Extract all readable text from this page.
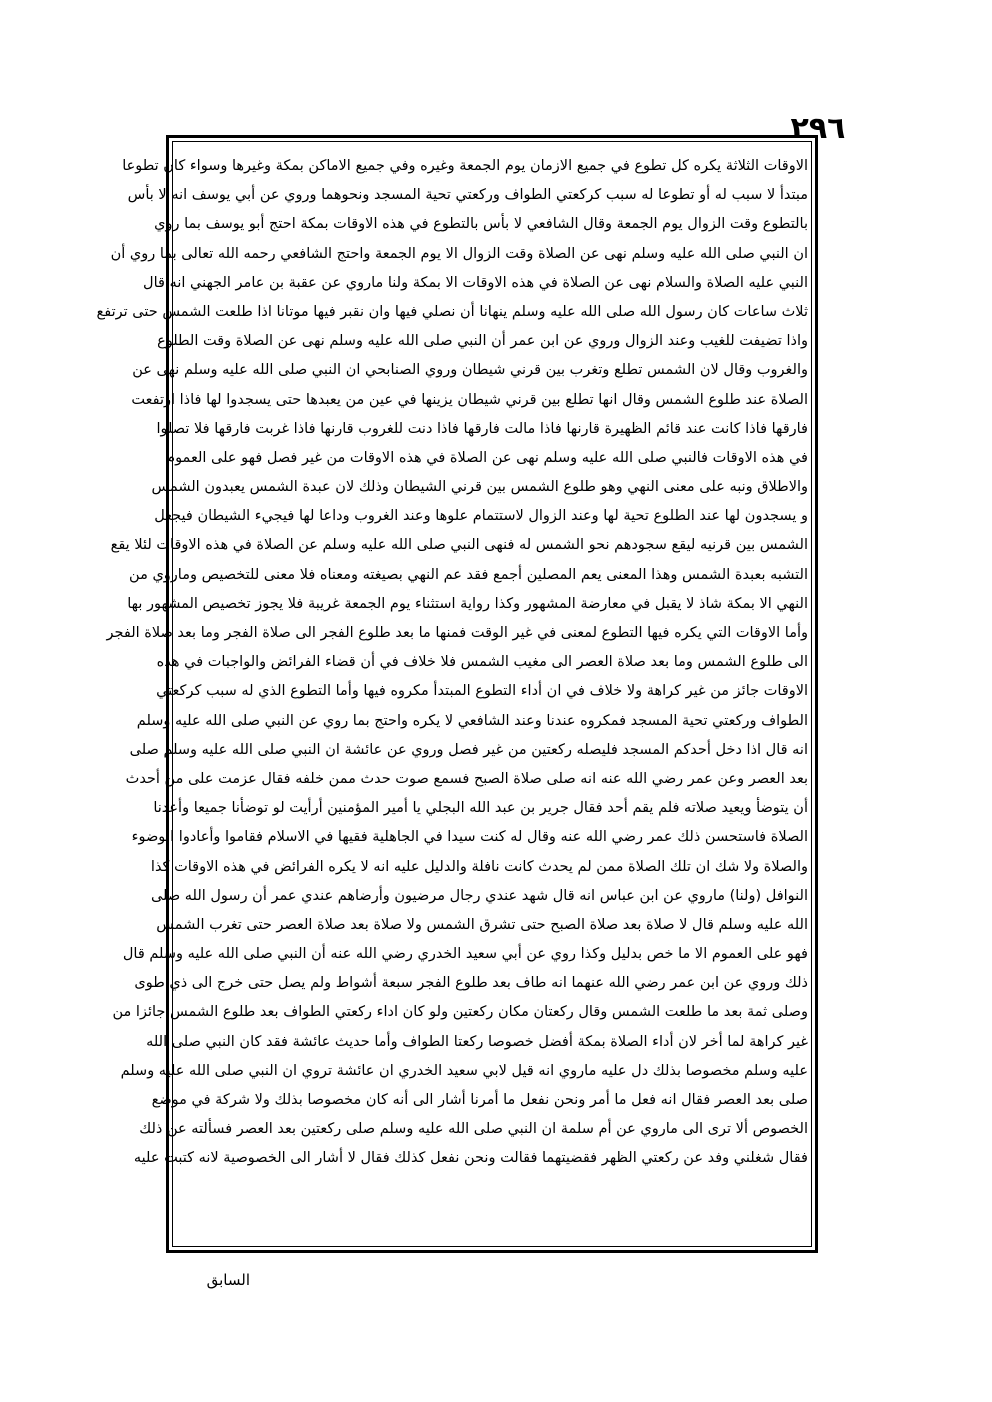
٢٩٦
الاوقات الثلاثة يكره كل تطوع في جميع الازمان يوم الجمعة وغيره وفي جميع الاماكن بمكة وغيرها وسواء كان تطوعا
مبتدأ لا سبب له أو تطوعا له سبب كركعتي الطواف وركعتي تحية المسجد ونحوهما وروي عن أبي يوسف انه لا بأس
بالتطوع وقت الزوال يوم الجمعة وقال الشافعي لا بأس بالتطوع في هذه الاوقات بمكة احتج أبو يوسف بما روي
ان النبي صلى الله عليه وسلم نهى عن الصلاة وقت الزوال الا يوم الجمعة واحتج الشافعي رحمه الله تعالى بما روي أن
النبي عليه الصلاة والسلام نهى عن الصلاة في هذه الاوقات الا بمكة ولنا ماروي عن عقبة بن عامر الجهني انه قال
ثلاث ساعات كان رسول الله صلى الله عليه وسلم ينهانا أن نصلي فيها وان نقبر فيها موتانا اذا طلعت الشمس حتى ترتفع
واذا تضيفت للغيب وعند الزوال وروي عن ابن عمر أن النبي صلى الله عليه وسلم نهى عن الصلاة وقت الطلوع
والغروب وقال لان الشمس تطلع وتغرب بين قرني شيطان وروي الصنابحي ان النبي صلى الله عليه وسلم نهى عن
الصلاة عند طلوع الشمس وقال انها تطلع بين قرني شيطان يزينها في عين من يعبدها حتى يسجدوا لها فاذا ارتفعت
فارقها فاذا كانت عند قائم الظهيرة قارنها فاذا مالت فارقها فاذا دنت للغروب قارنها فاذا غربت فارقها فلا تصلوا
في هذه الاوقات فالنبي صلى الله عليه وسلم نهى عن الصلاة في هذه الاوقات من غير فصل فهو على العموم
والاطلاق ونبه على معنى النهي وهو طلوع الشمس بين قرني الشيطان وذلك لان عبدة الشمس يعبدون الشمس
و يسجدون لها عند الطلوع تحية لها وعند الزوال لاستتمام علوها وعند الغروب وداعا لها فيجيء الشيطان فيجعل
الشمس بين قرنيه ليقع سجودهم نحو الشمس له فنهى النبي صلى الله عليه وسلم عن الصلاة في هذه الاوقات لئلا يقع
التشبه بعبدة الشمس وهذا المعنى يعم المصلين أجمع فقد عم النهي بصيغته ومعناه فلا معنى للتخصيص وماروي من
النهي الا بمكة شاذ لا يقبل في معارضة المشهور وكذا رواية استثناء يوم الجمعة غريبة فلا يجوز تخصيص المشهور بها
وأما الاوقات التي يكره فيها التطوع لمعنى في غير الوقت فمنها ما بعد طلوع الفجر الى صلاة الفجر وما بعد صلاة الفجر
الى طلوع الشمس وما بعد صلاة العصر الى مغيب الشمس فلا خلاف في أن قضاء الفرائض والواجبات في هذه
الاوقات جائز من غير كراهة ولا خلاف في ان أداء التطوع المبتدأ مكروه فيها وأما التطوع الذي له سبب كركعتي
الطواف وركعتي تحية المسجد فمكروه عندنا وعند الشافعي لا يكره واحتج بما روي عن النبي صلى الله عليه وسلم
انه قال اذا دخل أحدكم المسجد فليصله ركعتين من غير فصل وروي عن عائشة ان النبي صلى الله عليه وسلم صلى
بعد العصر وعن عمر رضي الله عنه انه صلى صلاة الصبح فسمع صوت حدث ممن خلفه فقال عزمت على من أحدث
أن يتوضأ ويعيد صلاته فلم يقم أحد فقال جرير بن عبد الله البجلي يا أمير المؤمنين أرأيت لو توضأنا جميعا وأعدنا
الصلاة فاستحسن ذلك عمر رضي الله عنه وقال له كنت سيدا في الجاهلية فقيها في الاسلام فقاموا وأعادوا الوضوء
والصلاة ولا شك ان تلك الصلاة ممن لم يحدث كانت نافلة والدليل عليه انه لا يكره الفرائض في هذه الاوقات كذا
النوافل (ولنا) ماروي عن ابن عباس انه قال شهد عندي رجال مرضيون وأرضاهم عندي عمر أن رسول الله صلى
الله عليه وسلم قال لا صلاة بعد صلاة الصبح حتى تشرق الشمس ولا صلاة بعد صلاة العصر حتى تغرب الشمس
فهو على العموم الا ما خص بدليل وكذا روي عن أبي سعيد الخدري رضي الله عنه أن النبي صلى الله عليه وسلم قال
ذلك وروي عن ابن عمر رضي الله عنهما انه طاف بعد طلوع الفجر سبعة أشواط ولم يصل حتى خرج الى ذي طوى
وصلى ثمة بعد ما طلعت الشمس وقال ركعتان مكان ركعتين ولو كان اداء ركعتي الطواف بعد طلوع الشمس جائزا من
غير كراهة لما أخر لان أداء الصلاة بمكة أفضل خصوصا ركعتا الطواف وأما حديث عائشة فقد كان النبي صلى الله
عليه وسلم مخصوصا بذلك دل عليه ماروي انه قيل لابي سعيد الخدري ان عائشة تروي ان النبي صلى الله عليه وسلم
صلى بعد العصر فقال انه فعل ما أمر ونحن نفعل ما أمرنا أشار الى أنه كان مخصوصا بذلك ولا شركة في موضع
الخصوص ألا ترى الى ماروي عن أم سلمة ان النبي صلى الله عليه وسلم صلى ركعتين بعد العصر فسألته عن ذلك
فقال شغلني وفد عن ركعتي الظهر فقضيتهما فقالت ونحن نفعل كذلك فقال لا أشار الى الخصوصية لانه كتبت عليه
السابق
